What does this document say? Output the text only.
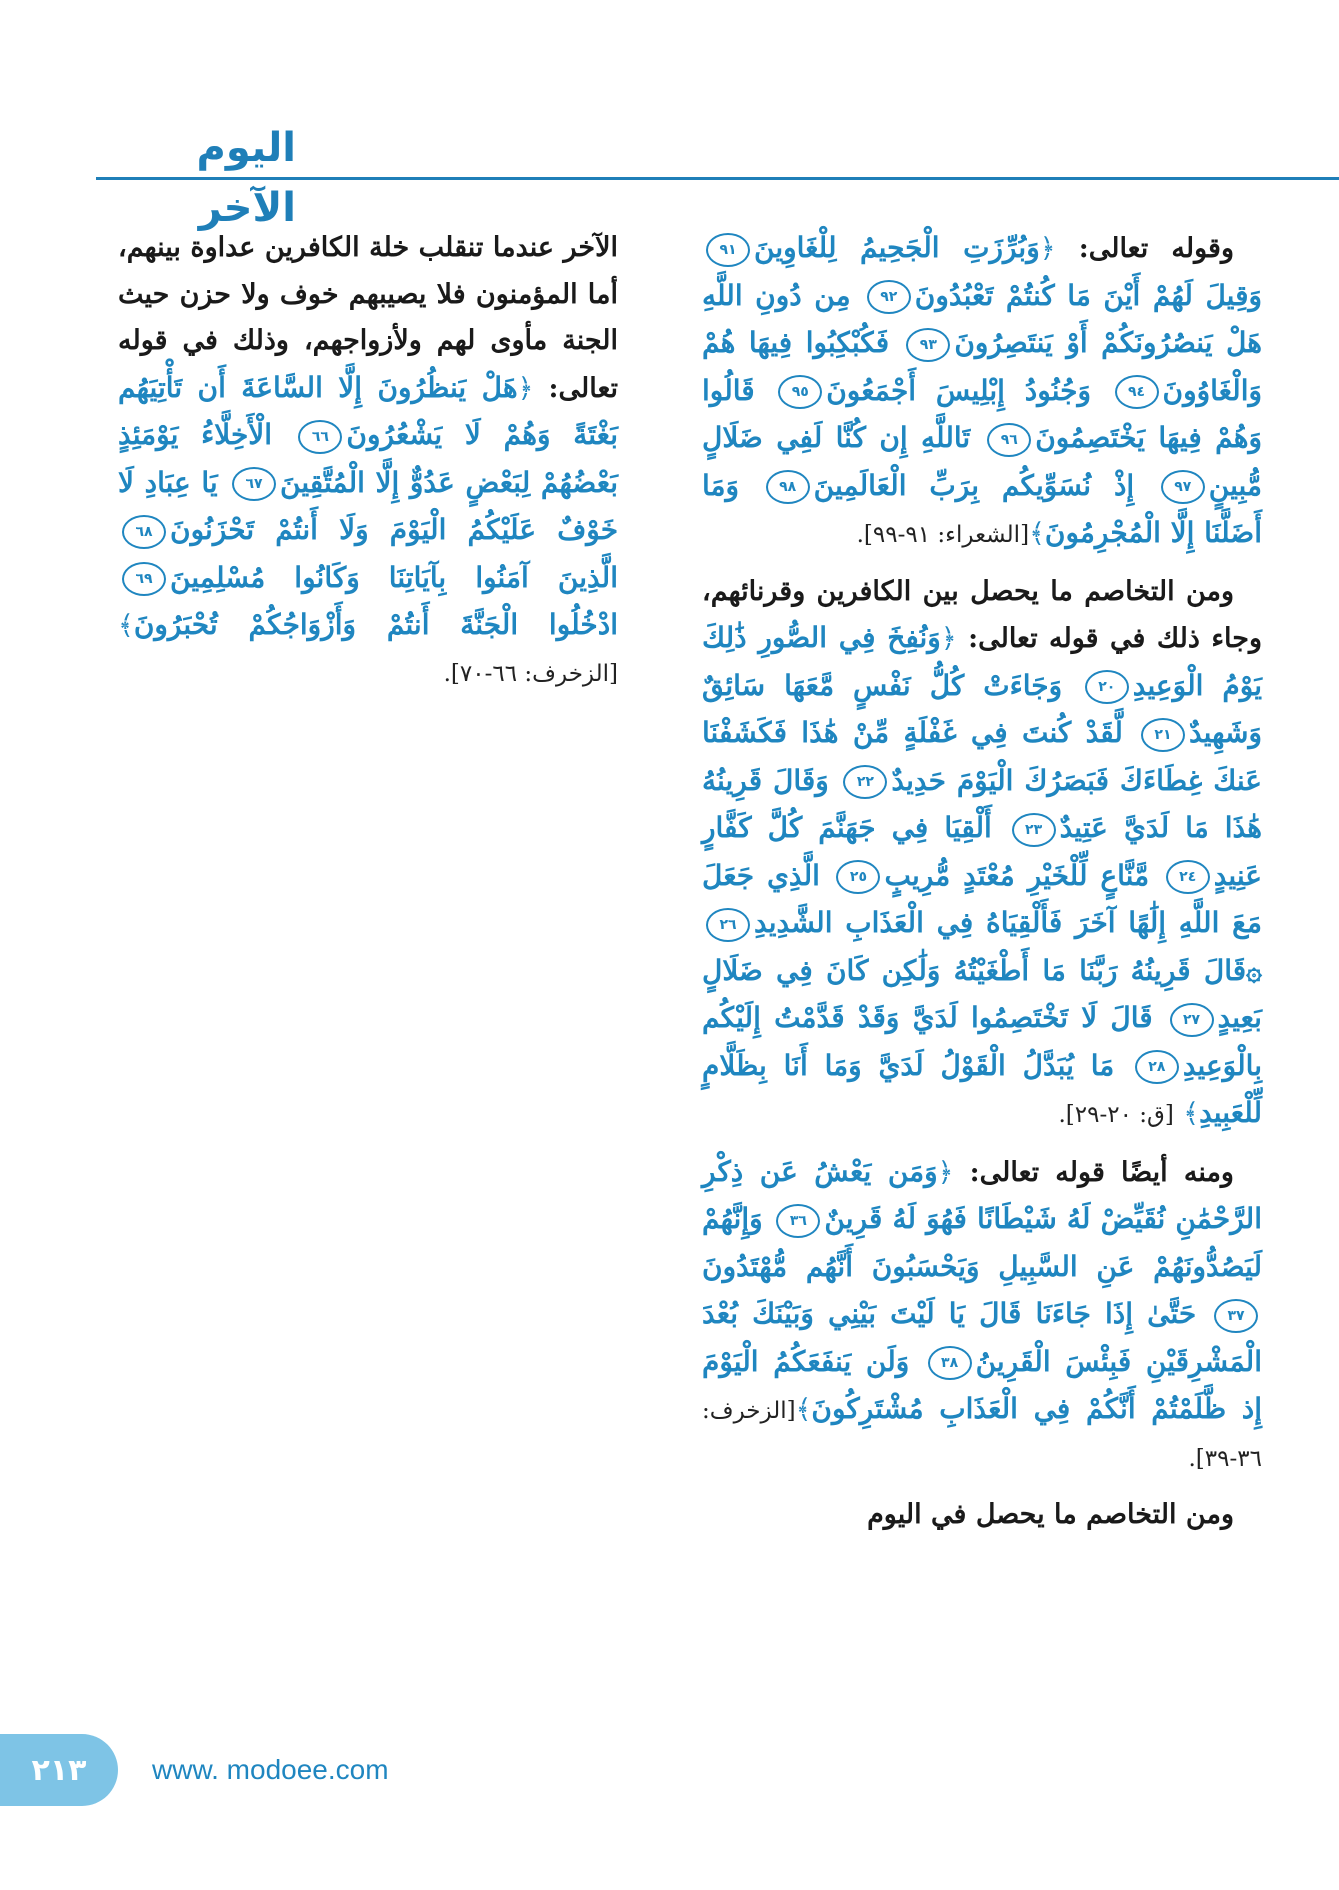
اليوم الآخر

وقوله تعالى: ﴿وَبُرِّزَتِ الْجَحِيمُ لِلْغَاوِينَ٩١ وَقِيلَ لَهُمْ أَيْنَ مَا كُنتُمْ تَعْبُدُونَ٩٢ مِن دُونِ اللَّهِ هَلْ يَنصُرُونَكُمْ أَوْ يَنتَصِرُونَ٩٣ فَكُبْكِبُوا فِيهَا هُمْ وَالْغَاوُونَ٩٤ وَجُنُودُ إِبْلِيسَ أَجْمَعُونَ٩٥ قَالُوا وَهُمْ فِيهَا يَخْتَصِمُونَ٩٦ تَاللَّهِ إِن كُنَّا لَفِي ضَلَالٍ مُّبِينٍ٩٧ إِذْ نُسَوِّيكُم بِرَبِّ الْعَالَمِينَ٩٨ وَمَا أَضَلَّنَا إِلَّا الْمُجْرِمُونَ﴾[الشعراء: ٩١-٩٩].

ومن التخاصم ما يحصل بين الكافرين وقرنائهم، وجاء ذلك في قوله تعالى: ﴿وَنُفِخَ فِي الصُّورِ ذَٰلِكَ يَوْمُ الْوَعِيدِ٢٠ وَجَاءَتْ كُلُّ نَفْسٍ مَّعَهَا سَائِقٌ وَشَهِيدٌ٢١ لَّقَدْ كُنتَ فِي غَفْلَةٍ مِّنْ هَٰذَا فَكَشَفْنَا عَنكَ غِطَاءَكَ فَبَصَرُكَ الْيَوْمَ حَدِيدٌ٢٢ وَقَالَ قَرِينُهُ هَٰذَا مَا لَدَيَّ عَتِيدٌ٢٣ أَلْقِيَا فِي جَهَنَّمَ كُلَّ كَفَّارٍ عَنِيدٍ٢٤ مَّنَّاعٍ لِّلْخَيْرِ مُعْتَدٍ مُّرِيبٍ٢٥ الَّذِي جَعَلَ مَعَ اللَّهِ إِلَٰهًا آخَرَ فَأَلْقِيَاهُ فِي الْعَذَابِ الشَّدِيدِ٢٦ ۞قَالَ قَرِينُهُ رَبَّنَا مَا أَطْغَيْتُهُ وَلَٰكِن كَانَ فِي ضَلَالٍ بَعِيدٍ٢٧ قَالَ لَا تَخْتَصِمُوا لَدَيَّ وَقَدْ قَدَّمْتُ إِلَيْكُم بِالْوَعِيدِ٢٨ مَا يُبَدَّلُ الْقَوْلُ لَدَيَّ وَمَا أَنَا بِظَلَّامٍ لِّلْعَبِيدِ﴾ [ق: ٢٠-٢٩].

ومنه أيضًا قوله تعالى: ﴿وَمَن يَعْشُ عَن ذِكْرِ الرَّحْمَٰنِ نُقَيِّضْ لَهُ شَيْطَانًا فَهُوَ لَهُ قَرِينٌ٣٦ وَإِنَّهُمْ لَيَصُدُّونَهُمْ عَنِ السَّبِيلِ وَيَحْسَبُونَ أَنَّهُم مُّهْتَدُونَ٣٧ حَتَّىٰ إِذَا جَاءَنَا قَالَ يَا لَيْتَ بَيْنِي وَبَيْنَكَ بُعْدَ الْمَشْرِقَيْنِ فَبِئْسَ الْقَرِينُ٣٨ وَلَن يَنفَعَكُمُ الْيَوْمَ إِذ ظَّلَمْتُمْ أَنَّكُمْ فِي الْعَذَابِ مُشْتَرِكُونَ﴾[الزخرف: ٣٦-٣٩].

ومن التخاصم ما يحصل في اليوم

الآخر عندما تنقلب خلة الكافرين عداوة بينهم، أما المؤمنون فلا يصيبهم خوف ولا حزن حيث الجنة مأوى لهم ولأزواجهم، وذلك في قوله تعالى: ﴿هَلْ يَنظُرُونَ إِلَّا السَّاعَةَ أَن تَأْتِيَهُم بَغْتَةً وَهُمْ لَا يَشْعُرُونَ٦٦ الْأَخِلَّاءُ يَوْمَئِذٍ بَعْضُهُمْ لِبَعْضٍ عَدُوٌّ إِلَّا الْمُتَّقِينَ٦٧ يَا عِبَادِ لَا خَوْفٌ عَلَيْكُمُ الْيَوْمَ وَلَا أَنتُمْ تَحْزَنُونَ٦٨ الَّذِينَ آمَنُوا بِآيَاتِنَا وَكَانُوا مُسْلِمِينَ٦٩ ادْخُلُوا الْجَنَّةَ أَنتُمْ وَأَزْوَاجُكُمْ تُحْبَرُونَ﴾[الزخرف: ٦٦-٧٠].

٢١٣ www. modoee.com
